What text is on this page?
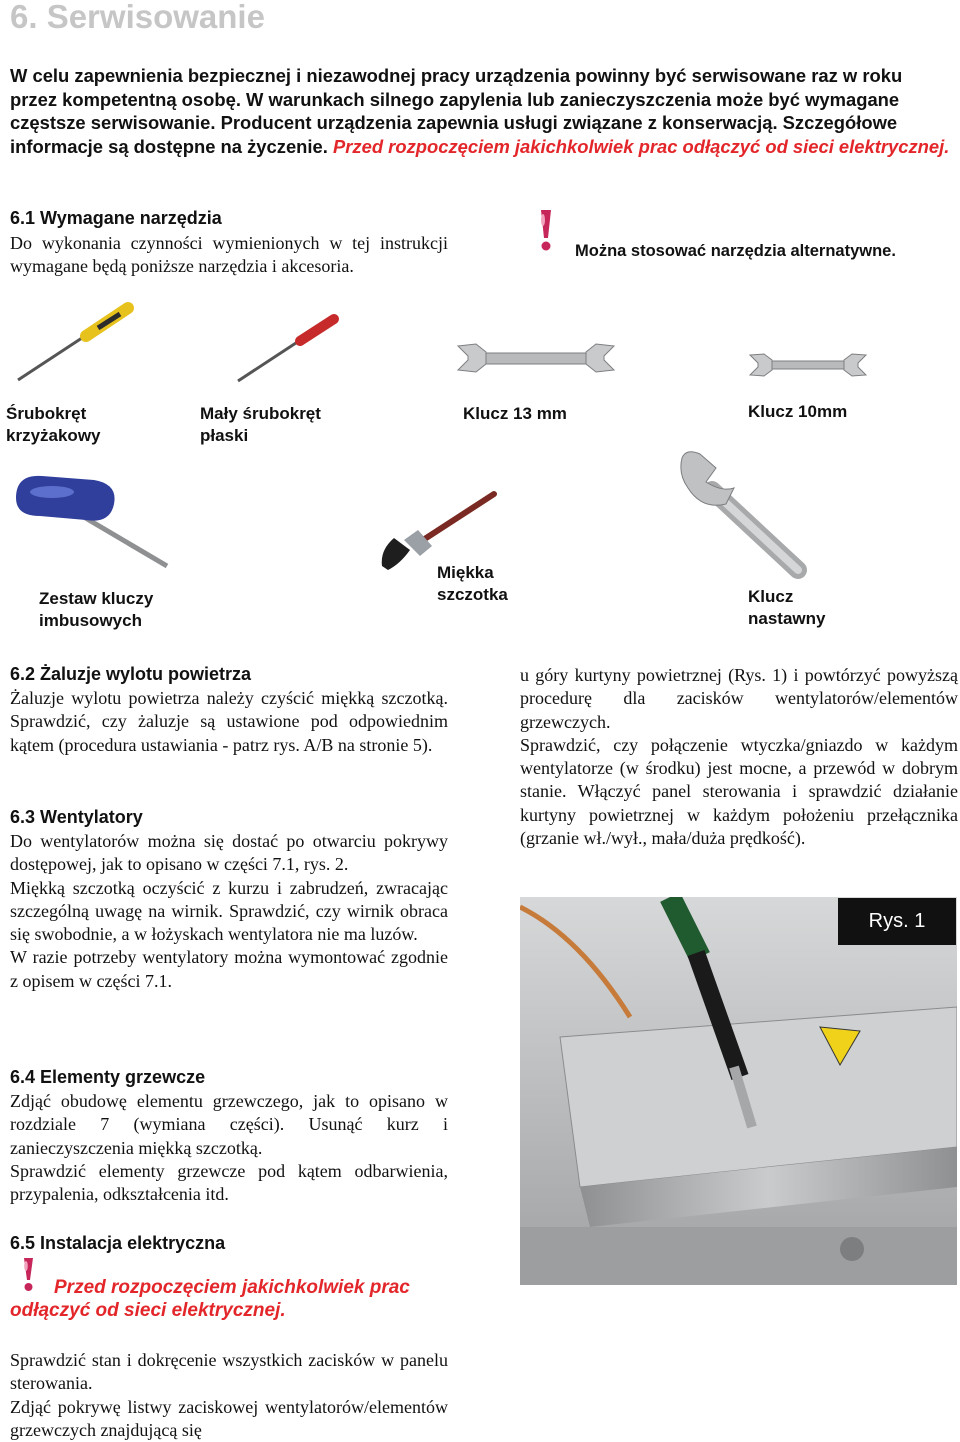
6. Serwisowanie
W celu zapewnienia bezpiecznej i niezawodnej pracy urządzenia powinny być serwisowane raz w roku przez kompetentną osobę. W warunkach silnego zapylenia lub zanieczyszczenia może być wymagane częstsze serwisowanie. Producent urządzenia zapewnia usługi związane z konserwacją. Szczegółowe informacje są dostępne na życzenie. Przed rozpoczęciem jakichkolwiek prac odłączyć od sieci elektrycznej.
6.1 Wymagane narzędzia
Do wykonania czynności wymienionych w tej instrukcji wymagane będą poniższe narzędzia i akcesoria.
Można stosować narzędzia alternatywne.
Śrubokręt
krzyżakowy
Mały śrubokręt
płaski
Klucz 13 mm	Klucz 10mm
Zestaw kluczy
imbusowych
Miękka
szczotka	Klucz
nastawny
6.2 Żaluzje wylotu powietrza
Żaluzje wylotu powietrza należy czyścić miękką szczotką. Sprawdzić, czy żaluzje są ustawione pod odpowiednim kątem (procedura ustawiania - patrz rys. A/B na stronie 5).
6.3 Wentylatory
Do wentylatorów można się dostać po otwarciu pokrywy dostępowej, jak to opisano w części 7.1, rys. 2.
Miękką szczotką oczyścić z kurzu i zabrudzeń, zwracając szczególną uwagę na wirnik. Sprawdzić, czy wirnik obraca się swobodnie, a w łożyskach wentylatora nie ma luzów.
W razie potrzeby wentylatory można wymontować zgodnie z opisem w części 7.1.
6.4 Elementy grzewcze
Zdjąć obudowę elementu grzewczego, jak to opisano w rozdziale 7 (wymiana części). Usunąć kurz i zanieczyszczenia miękką szczotką.
Sprawdzić elementy grzewcze pod kątem odbarwienia, przypalenia, odkształcenia itd.
6.5 Instalacja elektryczna
Przed rozpoczęciem jakichkolwiek prac odłączyć od sieci elektrycznej.
Sprawdzić stan i dokręcenie wszystkich zacisków w panelu sterowania.
Zdjąć pokrywę listwy zaciskowej wentylatorów/elementów grzewczych znajdującą się
u góry kurtyny powietrznej (Rys. 1) i powtórzyć powyższą procedurę dla zacisków wentylatorów/elementów grzewczych.
Sprawdzić, czy połączenie wtyczka/gniazdo w każdym wentylatorze (w środku) jest mocne, a przewód w dobrym stanie. Włączyć panel sterowania i sprawdzić działanie kurtyny powietrznej w każdym położeniu przełącznika (grzanie wł./wył., mała/duża prędkość).
Rys. 1
